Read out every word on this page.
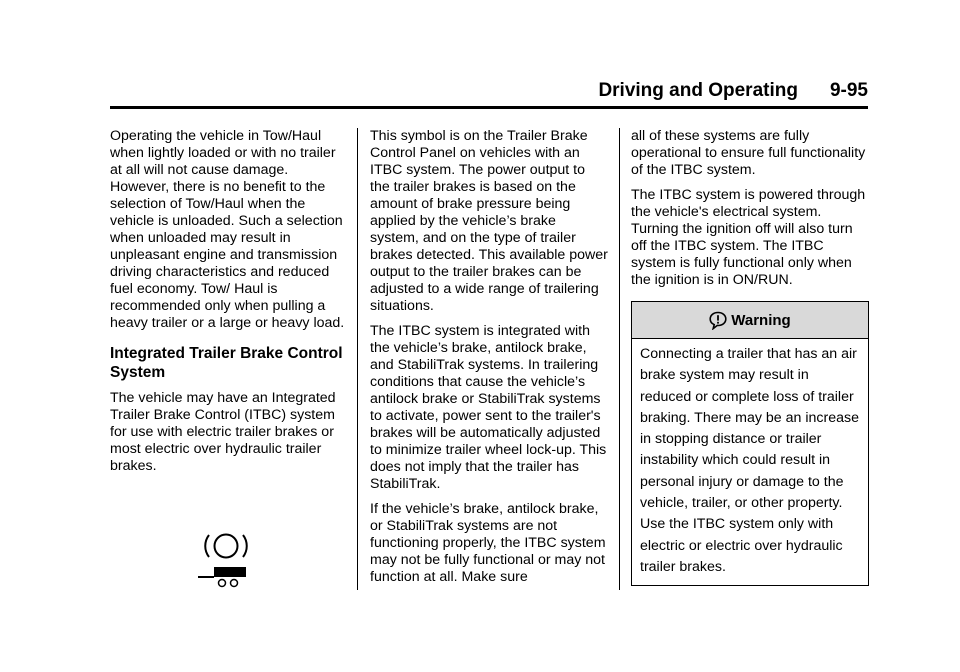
Driving and Operating 9-95

Operating the vehicle in Tow/Haul when lightly loaded or with no trailer at all will not cause damage. However, there is no benefit to the selection of Tow/Haul when the vehicle is unloaded. Such a selection when unloaded may result in unpleasant engine and transmission driving characteristics and reduced fuel economy. Tow/ Haul is recommended only when pulling a heavy trailer or a large or heavy load.

Integrated Trailer Brake Control System

The vehicle may have an Integrated Trailer Brake Control (ITBC) system for use with electric trailer brakes or most electric over hydraulic trailer brakes.

This symbol is on the Trailer Brake Control Panel on vehicles with an ITBC system. The power output to the trailer brakes is based on the amount of brake pressure being applied by the vehicle’s brake system, and on the type of trailer brakes detected. This available power output to the trailer brakes can be adjusted to a wide range of trailering situations.

The ITBC system is integrated with the vehicle’s brake, antilock brake, and StabiliTrak systems. In trailering conditions that cause the vehicle’s antilock brake or StabiliTrak systems to activate, power sent to the trailer's brakes will be automatically adjusted to minimize trailer wheel lock-up. This does not imply that the trailer has StabiliTrak.

If the vehicle’s brake, antilock brake, or StabiliTrak systems are not functioning properly, the ITBC system may not be fully functional or may not function at all. Make sure

all of these systems are fully operational to ensure full functionality of the ITBC system.

The ITBC system is powered through the vehicle's electrical system. Turning the ignition off will also turn off the ITBC system. The ITBC system is fully functional only when the ignition is in ON/RUN.

Warning
Connecting a trailer that has an air brake system may result in reduced or complete loss of trailer braking. There may be an increase in stopping distance or trailer instability which could result in personal injury or damage to the vehicle, trailer, or other property. Use the ITBC system only with electric or electric over hydraulic trailer brakes.
